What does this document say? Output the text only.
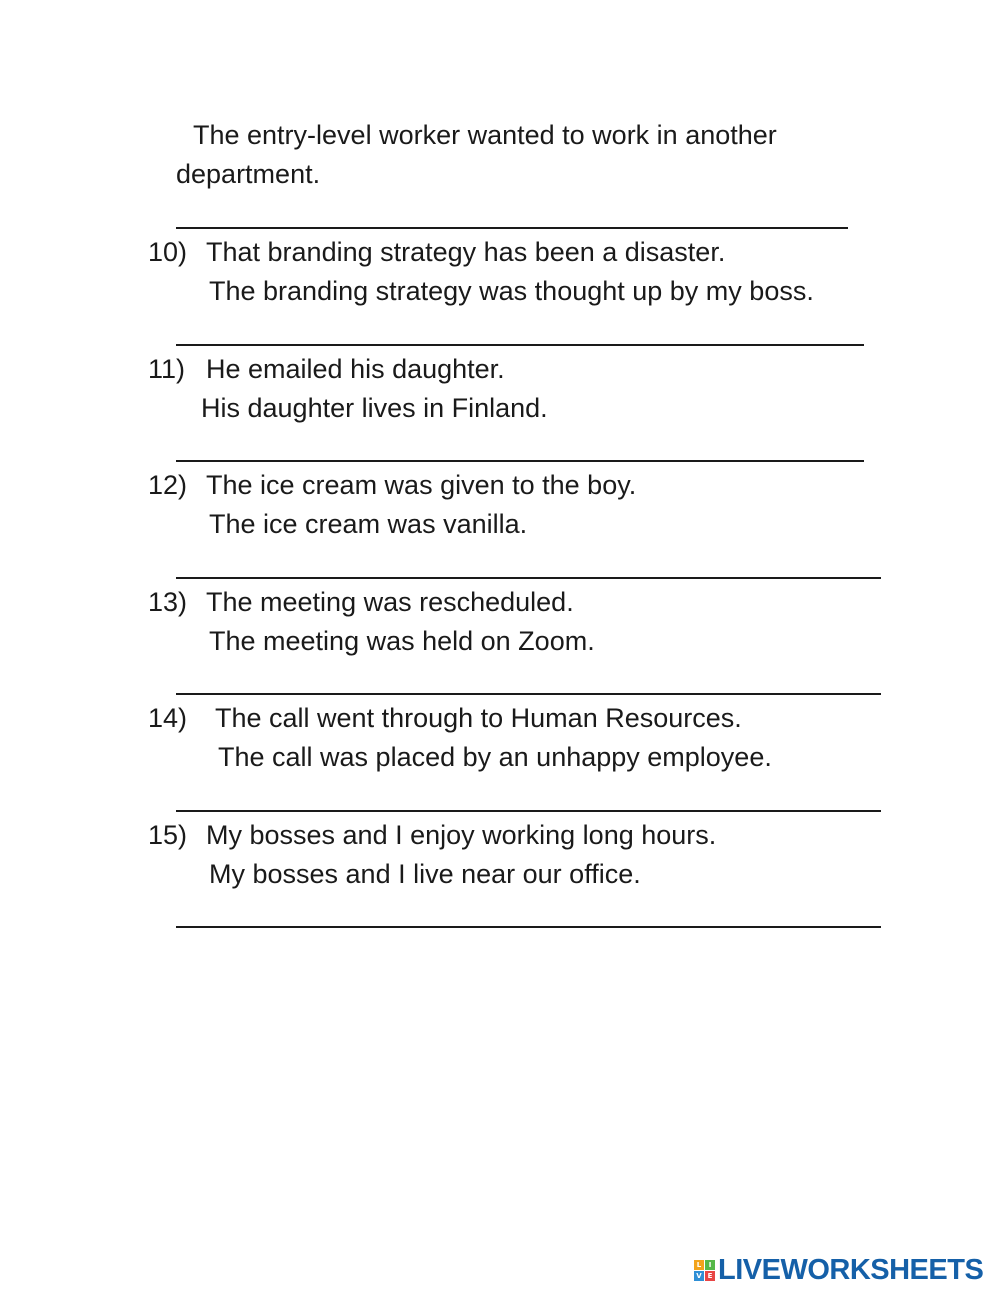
The entry-level worker wanted to work in another
department.
10) That branding strategy has been a disaster.
The branding strategy was thought up by my boss.
11) He emailed his daughter.
His daughter lives in Finland.
12) The ice cream was given to the boy.
The ice cream was vanilla.
13) The meeting was rescheduled.
The meeting was held on Zoom.
14) The call went through to Human Resources.
The call was placed by an unhappy employee.
15) My bosses and I enjoy working long hours.
My bosses and I live near our office.
L	I
V E LIVEWORKSHEETS
